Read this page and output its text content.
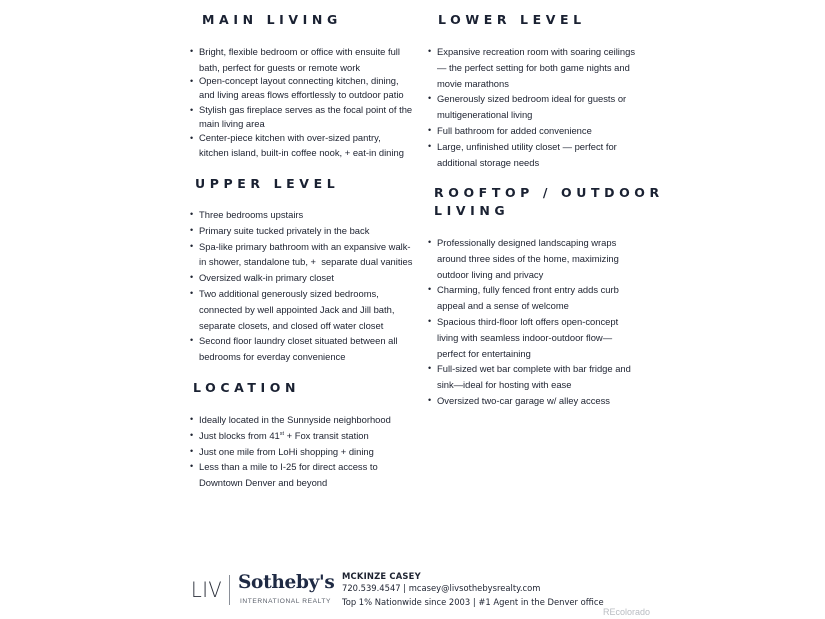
MAIN LIVING
• Bright, flexible bedroom or office with ensuite full
bath, perfect for guests or remote work
• Open-concept layout connecting kitchen, dining,
and living areas flows effortlessly to outdoor patio
• Stylish gas fireplace serves as the focal point of the
main living area
• Center-piece kitchen with over-sized pantry,
kitchen island, built-in coffee nook, + eat-in dining
LOWER LEVEL
• Expansive recreation room with soaring ceilings
— the perfect setting for both game nights and
movie marathons
• Generously sized bedroom ideal for guests or
multigenerational living
• Full bathroom for added convenience
• Large, unfinished utility closet — perfect for
additional storage needs
UPPER LEVEL
• Three bedrooms upstairs
• Primary suite tucked privately in the back
• Spa-like primary bathroom with an expansive walk-
in shower, standalone tub, +  separate dual vanities
• Oversized walk-in primary closet
• Two additional generously sized bedrooms,
connected by well appointed Jack and Jill bath,
separate closets, and closed off water closet
• Second floor laundry closet situated between all
bedrooms for everday convenience
ROOFTOP / OUTDOOR
LIVING
• Professionally designed landscaping wraps
around three sides of the home, maximizing
outdoor living and privacy
• Charming, fully fenced front entry adds curb
appeal and a sense of welcome
• Spacious third-floor loft offers open-concept
living with seamless indoor-outdoor flow—
perfect for entertaining
• Full-sized wet bar complete with bar fridge and
sink—ideal for hosting with ease
• Oversized two-car garage w/ alley access
LOCATION
• Ideally located in the Sunnyside neighborhood
• Just blocks from 41st + Fox transit station
• Just one mile from LoHi shopping + dining
• Less than a mile to I-25 for direct access to
Downtown Denver and beyond
LIV Sotheby's
INTERNATIONAL REALTY
MCKINZE CASEY
720.539.4547 | mcasey@livsothebysrealty.com
Top 1% Nationwide since 2003 | #1 Agent in the Denver office
REcolorado
